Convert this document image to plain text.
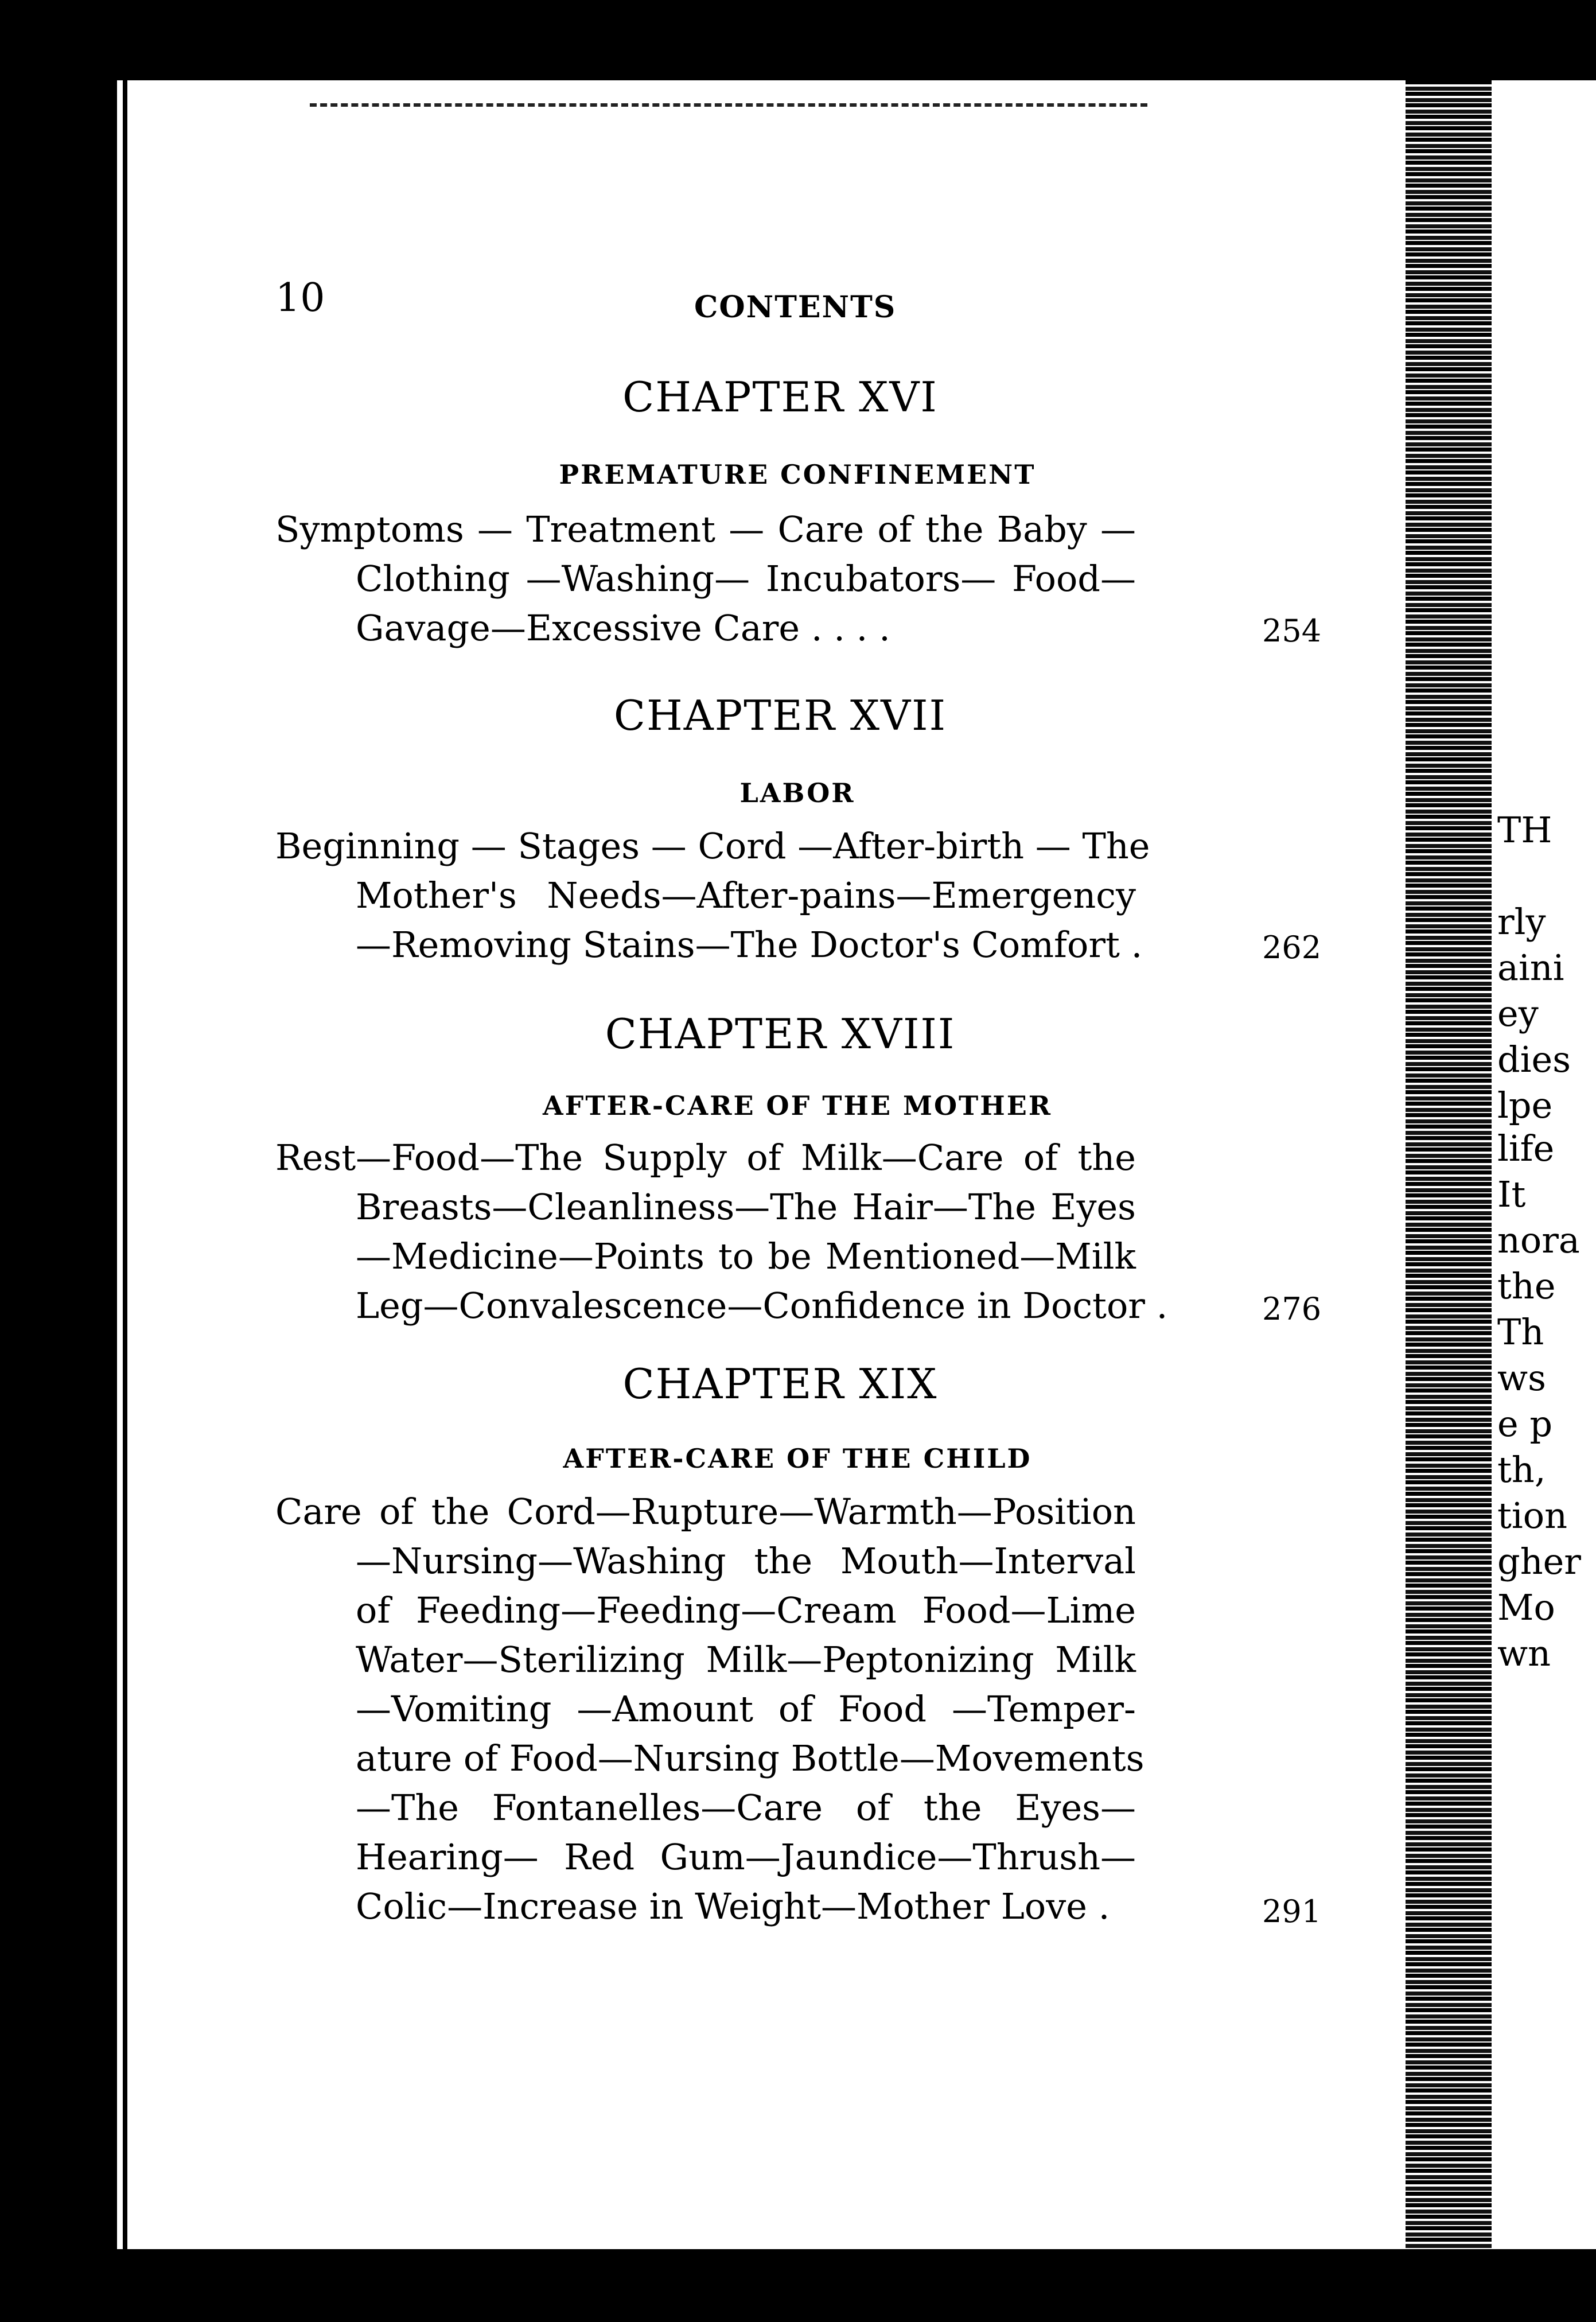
TH
rly
aini
ey
dies
lpe
life
It
nora
the
Th
ws
e p
th,
tion
gher
Mo
wn
10	CONTENTS
CHAPTER XVI
PREMATURE CONFINEMENT
Symptoms — Treatment — Care of the Baby —
Clothing —Washing— Incubators— Food—
Gavage—Excessive Care . . . .	254
CHAPTER XVII
LABOR
Beginning — Stages — Cord —After-birth — The
Mother's Needs—After-pains—Emergency
—Removing Stains—The Doctor's Comfort .	262
CHAPTER XVIII
AFTER-CARE OF THE MOTHER
Rest—Food—The Supply of Milk—Care of the
Breasts—Cleanliness—The Hair—The Eyes
—Medicine—Points to be Mentioned—Milk
Leg—Convalescence—Confidence in Doctor .	276
CHAPTER XIX
AFTER-CARE OF THE CHILD
Care of the Cord—Rupture—Warmth—Position
—Nursing—Washing the Mouth—Interval
of Feeding—Feeding—Cream Food—Lime
Water—Sterilizing Milk—Peptonizing Milk
—Vomiting —Amount of Food —Temper-
ature of Food—Nursing Bottle—Movements
—The Fontanelles—Care of the Eyes—
Hearing— Red Gum—Jaundice—Thrush—
Colic—Increase in Weight—Mother Love .	291
